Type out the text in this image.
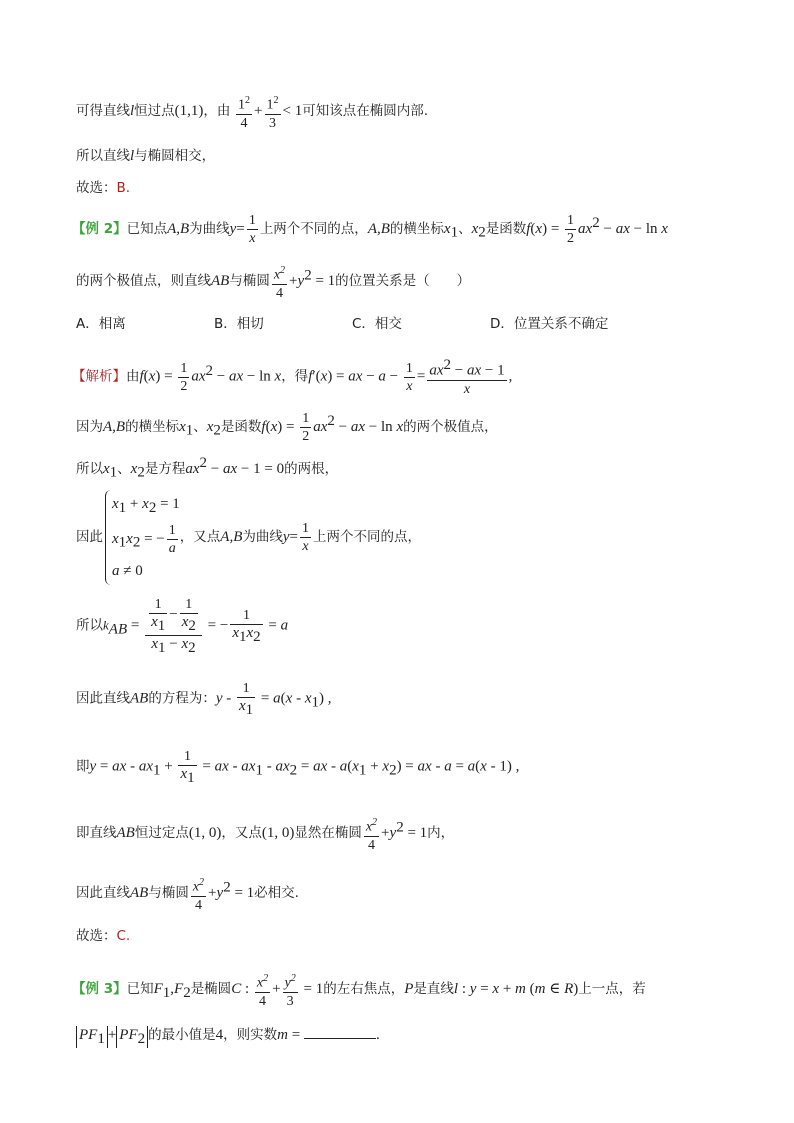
可得直线l恒过点(1,1)，由 $\frac{1^2}{4} + \frac{1^2}{3} < 1$可知该点在椭圆内部.
所以直线l与椭圆相交，
故选：B.
【例 2】已知点A,B为曲线$y= \frac{1}{x}$ 上两个不同的点，A,B的横坐标$x_1$、$x_2$是函数$f(x) = \frac{1}{2} ax^2$ − ax − ln x
的两个极值点，则直线AB与椭圆 $\frac{x^2}{4} +y^2 = 1$的位置关系是（　　）
A．相离	B．相切	C．相交	D．位置关系不确定
【解析】由$f(x) = \frac{1}{2} ax^2$ − ax − ln x，得f′(x) = ax − $a - \frac{1}{x} = \frac{ax^2 - ax - 1}{x}$ ,
因为A,B的横坐标$x_1$、$x_2$是函数$f(x) = \frac{1}{2} ax^2$ − ax − ln x的两个极值点，
所以$x_1$、$x_2$是方程$ax^2$ − ax − 1 = 0的两根，
因此
$x_1 + x_2 = 1$
$x_1x_2$ = − $\frac{1}{a}$
a ≠ 0
，又点A,B为曲线$y= \frac{1}{x}$ 上两个不同的点，
所以$k_{AB} = \frac{\frac{1}{x_1} - \frac{1}{x_2}}{x_1 - x_2}$ = − $\frac{1}{x_1x_2} = a$
因此直线AB的方程为：$y - \frac{1}{x_1} = a(x - x_1)$ ,
即y = ax - $ax_1 + \frac{1}{x_1}$ = ax - $ax_1 - ax_2$ = ax - $a(x_1 + x_2)$ = ax - a = a(x - 1) ,
即直线AB恒过定点(1, 0)，又点(1, 0)显然在椭圆 $\frac{x^2}{4} +y^2 = 1$内，
因此直线AB与椭圆 $\frac{x^2}{4} +y^2 = 1$必相交.
故选：C.
【例 3】已知$F_1,F_2$是椭圆C : $\frac{x^2}{4} + \frac{y^2}{3} = 1$的左右焦点，P是直线l : y = x + m (m ∈ R)上一点，若
$PF_1 + PF_2$ 的最小值是4，则实数m =	.
